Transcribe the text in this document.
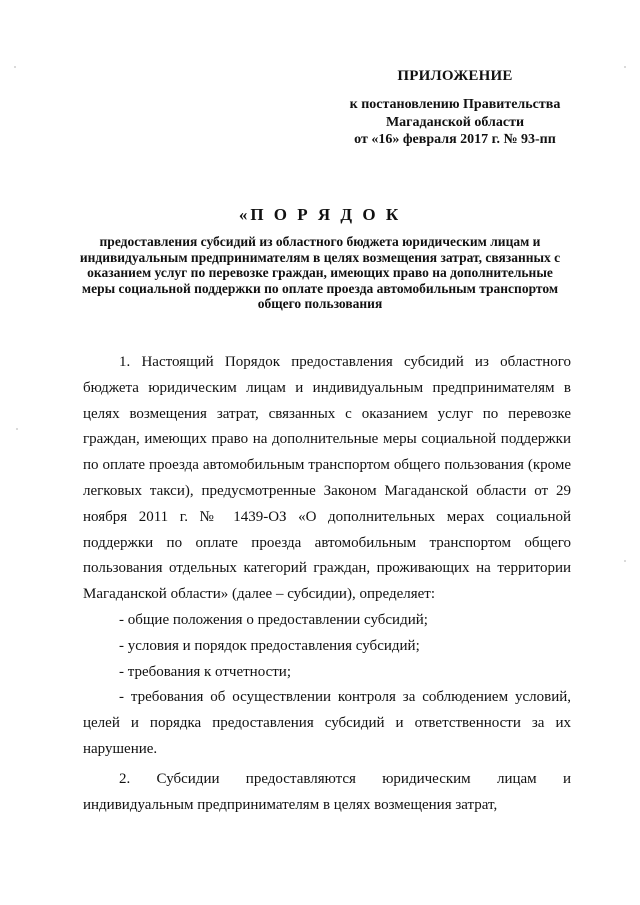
ПРИЛОЖЕНИЕ
к постановлению Правительства
Магаданской области
от «16» февраля 2017 г. № 93-пп
«П О Р Я Д О К
предоставления субсидий из областного бюджета юридическим лицам и индивидуальным предпринимателям в целях возмещения затрат, связанных с оказанием услуг по перевозке граждан, имеющих право на дополнительные меры социальной поддержки по оплате проезда автомобильным транспортом общего пользования

1. Настоящий Порядок предоставления субсидий из областного бюджета юридическим лицам и индивидуальным предпринимателям в целях возмещения затрат, связанных с оказанием услуг по перевозке граждан, имеющих право на дополнительные меры социальной поддержки по оплате проезда автомобильным транспортом общего пользования (кроме легковых такси), предусмотренные Законом Магаданской области от 29 ноября 2011 г. № 1439-ОЗ «О дополнительных мерах социальной поддержки по оплате проезда автомобильным транспортом общего пользования отдельных категорий граждан, проживающих на территории Магаданской области» (далее – субсидии), определяет:

- общие положения о предоставлении субсидий;

- условия и порядок предоставления субсидий;

- требования к отчетности;

- требования об осуществлении контроля за соблюдением условий, целей и порядка предоставления субсидий и ответственности за их нарушение.

2. Субсидии предоставляются юридическим лицам и индивидуальным предпринимателям в целях возмещения затрат,
